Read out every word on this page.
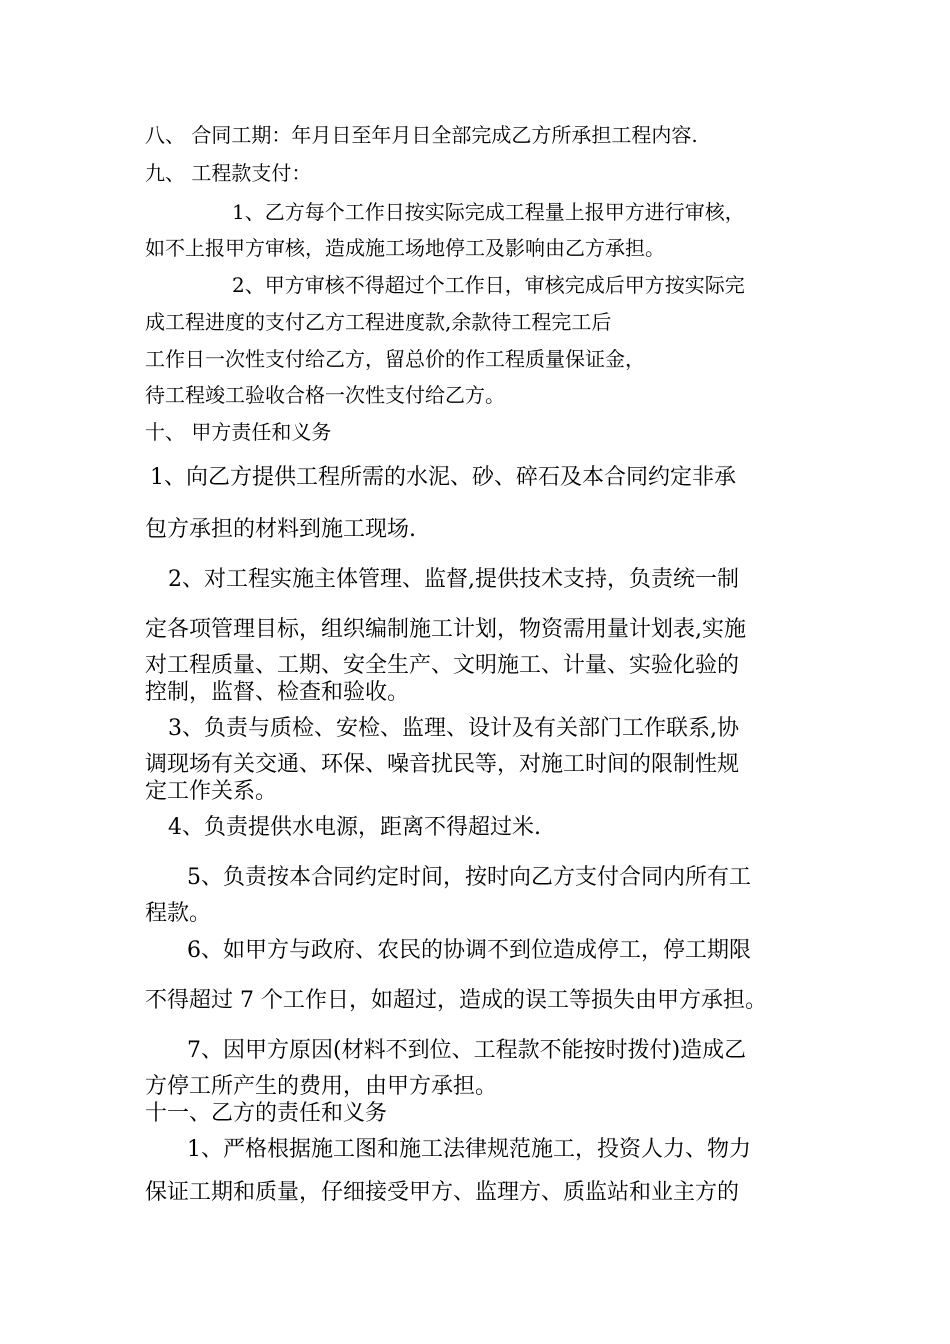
八、 合同工期：年月日至年月日全部完成乙方所承担工程内容.
九、 工程款支付：
1、乙方每个工作日按实际完成工程量上报甲方进行审核，
如不上报甲方审核，造成施工场地停工及影响由乙方承担。
2、甲方审核不得超过个工作日，审核完成后甲方按实际完
成工程进度的支付乙方工程进度款,余款待工程完工后
工作日一次性支付给乙方，留总价的作工程质量保证金，
待工程竣工验收合格一次性支付给乙方。
十、 甲方责任和义务
1、向乙方提供工程所需的水泥、砂、碎石及本合同约定非承
包方承担的材料到施工现场.
2、对工程实施主体管理、监督,提供技术支持，负责统一制
定各项管理目标，组织编制施工计划，物资需用量计划表,实施
对工程质量、工期、安全生产、文明施工、计量、实验化验的
控制，监督、检查和验收。
3、负责与质检、安检、监理、设计及有关部门工作联系,协
调现场有关交通、环保、噪音扰民等，对施工时间的限制性规
定工作关系。
4、负责提供水电源，距离不得超过米.
5、负责按本合同约定时间，按时向乙方支付合同内所有工
程款。
6、如甲方与政府、农民的协调不到位造成停工，停工期限
不得超过 7 个工作日，如超过，造成的误工等损失由甲方承担。
7、因甲方原因(材料不到位、工程款不能按时拨付)造成乙
方停工所产生的费用，由甲方承担。
十一、乙方的责任和义务
1、严格根据施工图和施工法律规范施工，投资人力、物力
保证工期和质量，仔细接受甲方、监理方、质监站和业主方的
